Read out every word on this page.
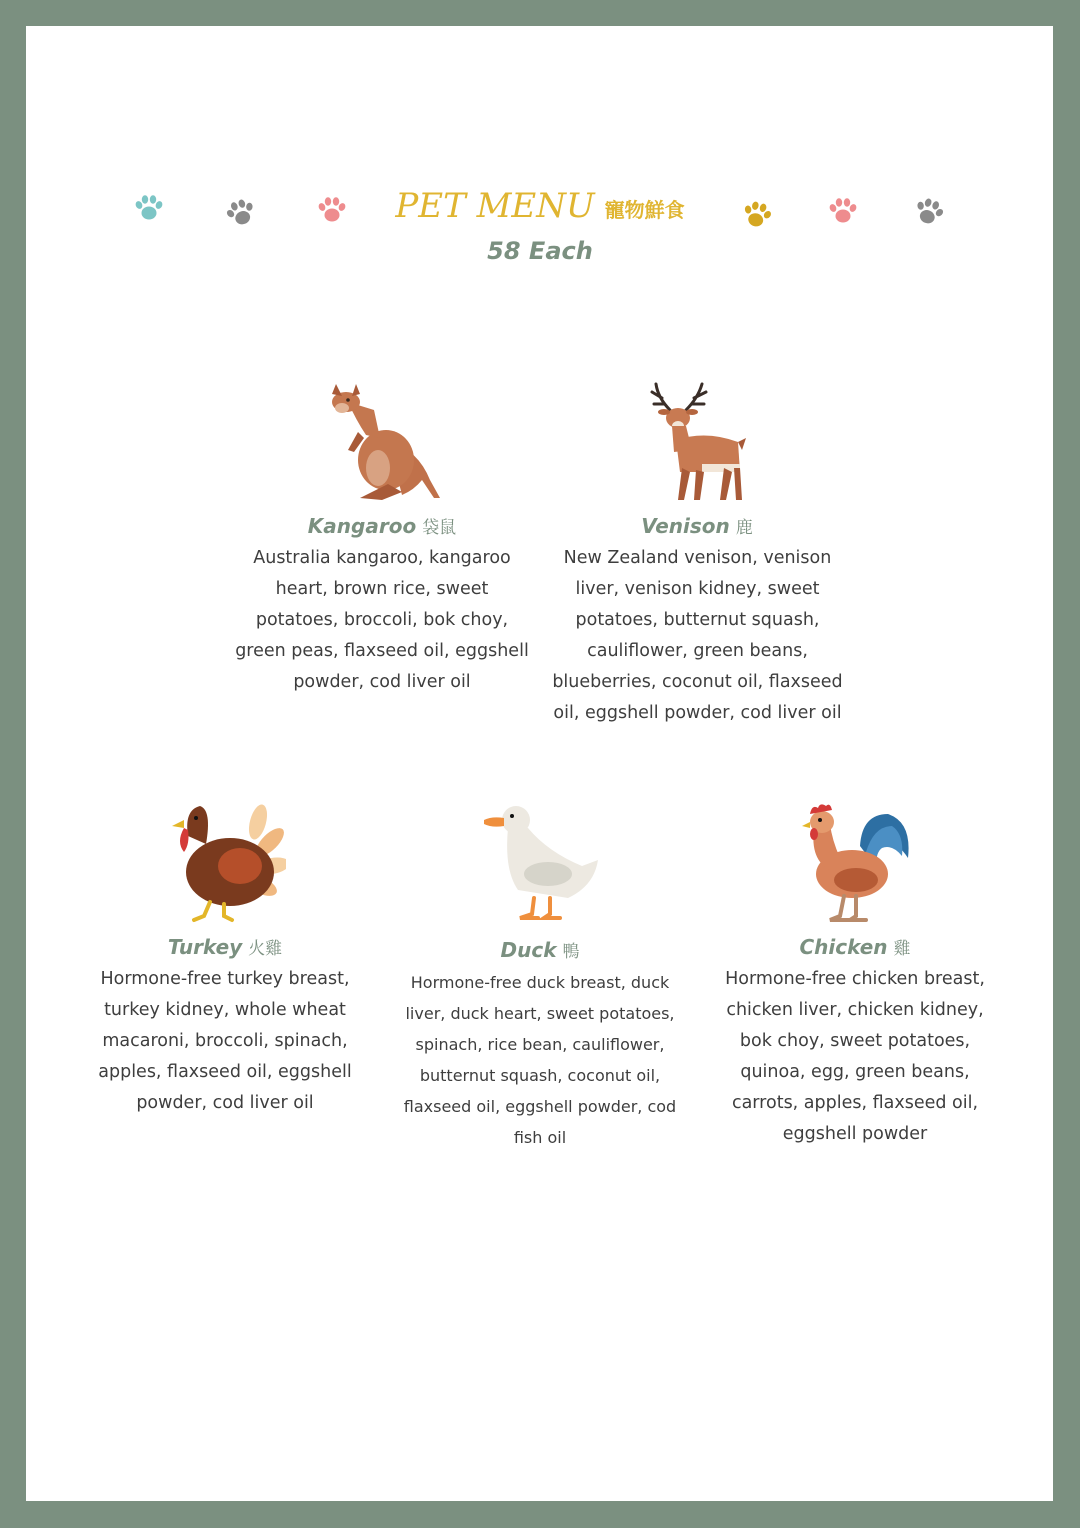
PET MENU 寵物鮮食
58 Each
Kangaroo 袋鼠
Australia kangaroo, kangaroo
heart, brown rice, sweet
potatoes, broccoli, bok choy,
green peas, flaxseed oil, eggshell
powder, cod liver oil
Venison 鹿
New Zealand venison, venison
liver, venison kidney, sweet
potatoes, butternut squash,
cauliflower, green beans,
blueberries, coconut oil, flaxseed
oil, eggshell powder, cod liver oil
Turkey 火雞
Hormone-free turkey breast,
turkey kidney, whole wheat
macaroni, broccoli, spinach,
apples, flaxseed oil, eggshell
powder, cod liver oil
Duck 鴨
Hormone-free duck breast, duck
liver, duck heart, sweet potatoes,
spinach, rice bean, cauliflower,
butternut squash, coconut oil,
flaxseed oil, eggshell powder, cod
fish oil
Chicken 雞
Hormone-free chicken breast,
chicken liver, chicken kidney,
bok choy, sweet potatoes,
quinoa, egg, green beans,
carrots, apples, flaxseed oil,
eggshell powder
